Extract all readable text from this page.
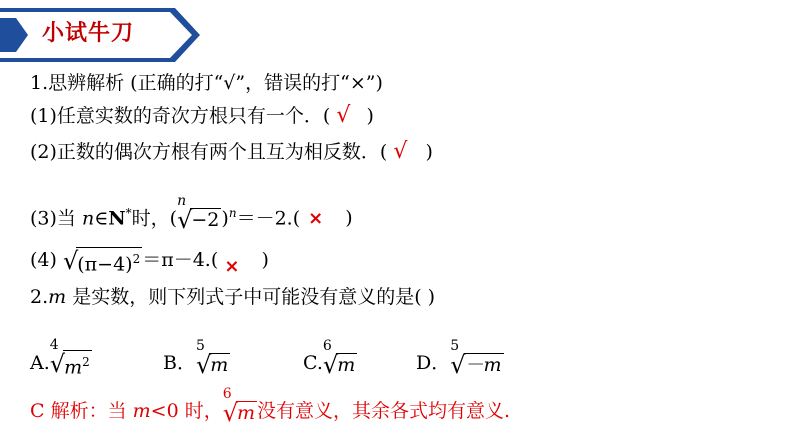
小试牛刀
1.思辨解析 (正确的打“√”，错误的打“×”)
(1)任意实数的奇次方根只有一个．( √ )
(2)正数的偶次方根有两个且互为相反数．( √ )
(3)当 n∈N*时，(
n
√−2 )$^n$＝－2.( × )
(4) $√(\pi-4)^2 =\pi-4$.( × )
2.m 是实数，则下列式子中可能没有意义的是( )
A.
4
$√m^2$	B．
5
√m	C.
6
√m	D．
5
√－m
C 解析：当 m<0 时，
6
√m 没有意义，其余各式均有意义.
